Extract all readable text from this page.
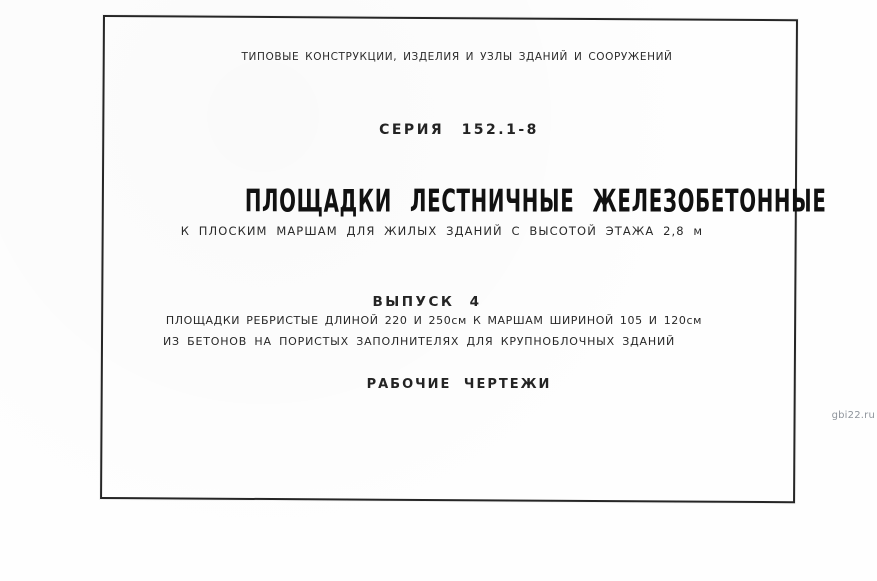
ТИПОВЫЕ КОНСТРУКЦИИ, ИЗДЕЛИЯ И УЗЛЫ ЗДАНИЙ И СООРУЖЕНИЙ
СЕРИЯ 152.1-8
ПЛОЩАДКИ ЛЕСТНИЧНЫЕ ЖЕЛЕЗОБЕТОННЫЕ
К ПЛОСКИМ МАРШАМ ДЛЯ ЖИЛЫХ ЗДАНИЙ С ВЫСОТОЙ ЭТАЖА 2,8 м
ВЫПУСК 4
ПЛОЩАДКИ РЕБРИСТЫЕ ДЛИНОЙ 220 И 250см К МАРШАМ ШИРИНОЙ 105 И 120см
ИЗ БЕТОНОВ НА ПОРИСТЫХ ЗАПОЛНИТЕЛЯХ ДЛЯ КРУПНОБЛОЧНЫХ ЗДАНИЙ
РАБОЧИЕ ЧЕРТЕЖИ
gbi22.ru
